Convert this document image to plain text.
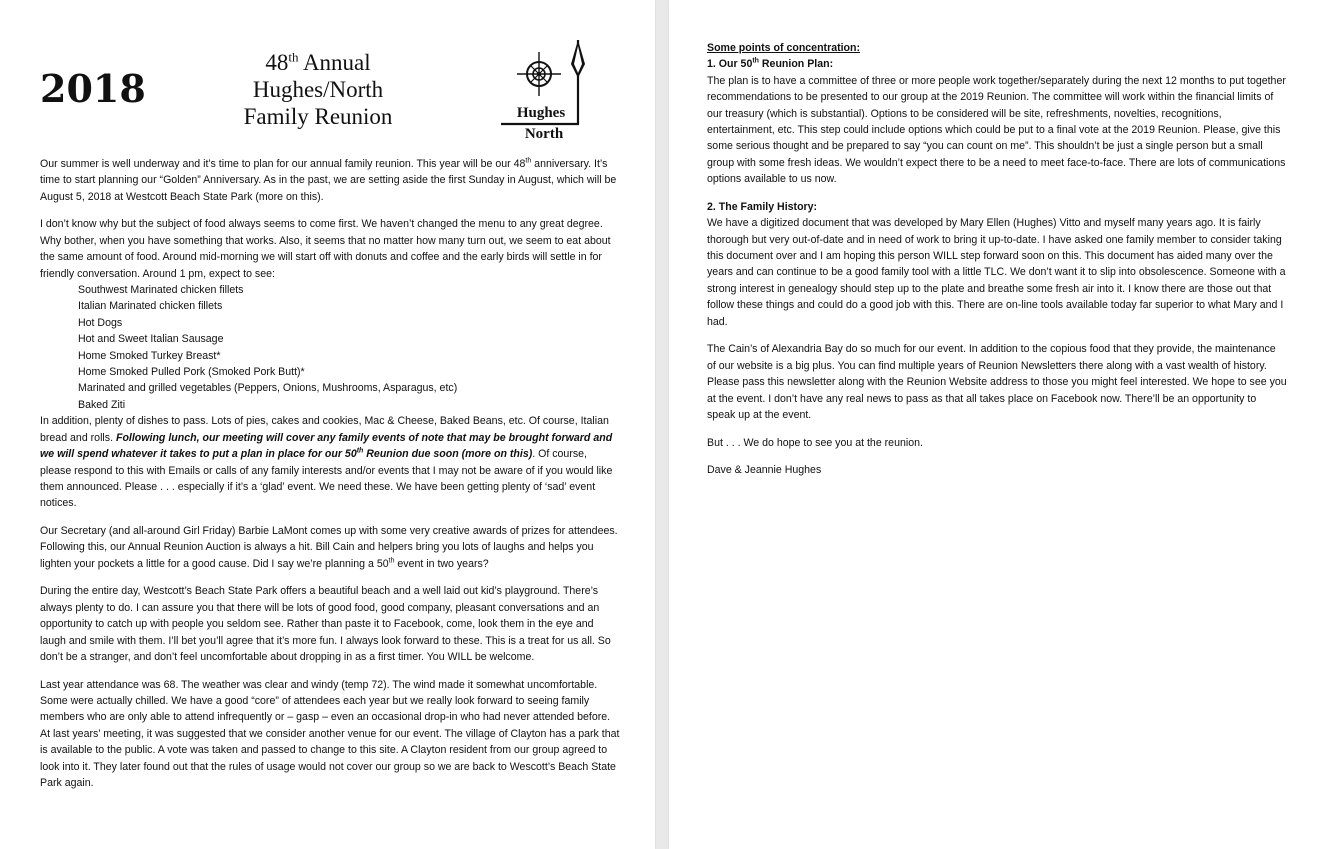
2018
48th Annual
Hughes/North
Family Reunion	Hughes
North

Our summer is well underway and it’s time to plan for our annual family reunion. This year will be our 48th anniversary. It’s time to start planning our “Golden” Anniversary. As in the past, we are setting aside the first Sunday in August, which will be August 5, 2018 at Westcott Beach State Park (more on this).

I don’t know why but the subject of food always seems to come first. We haven’t changed the menu to any great degree. Why bother, when you have something that works. Also, it seems that no matter how many turn out, we seem to eat about the same amount of food. Around mid-morning we will start off with donuts and coffee and the early birds will settle in for friendly conversation. Around 1 pm, expect to see:

Southwest Marinated chicken fillets
Italian Marinated chicken fillets
Hot Dogs
Hot and Sweet Italian Sausage
Home Smoked Turkey Breast*
Home Smoked Pulled Pork (Smoked Pork Butt)*
Marinated and grilled vegetables (Peppers, Onions, Mushrooms, Asparagus, etc)
Baked Ziti

In addition, plenty of dishes to pass. Lots of pies, cakes and cookies, Mac & Cheese, Baked Beans, etc. Of course, Italian bread and rolls. Following lunch, our meeting will cover any family events of note that may be brought forward and we will spend whatever it takes to put a plan in place for our 50th Reunion due soon (more on this). Of course, please respond to this with Emails or calls of any family interests and/or events that I may not be aware of if you would like them announced. Please . . . especially if it’s a ‘glad’ event. We need these. We have been getting plenty of ‘sad’ event notices.

Our Secretary (and all-around Girl Friday) Barbie LaMont comes up with some very creative awards of prizes for attendees. Following this, our Annual Reunion Auction is always a hit. Bill Cain and helpers bring you lots of laughs and helps you lighten your pockets a little for a good cause. Did I say we’re planning a 50th event in two years?

During the entire day, Westcott’s Beach State Park offers a beautiful beach and a well laid out kid’s playground. There’s always plenty to do. I can assure you that there will be lots of good food, good company, pleasant conversations and an opportunity to catch up with people you seldom see. Rather than paste it to Facebook, come, look them in the eye and laugh and smile with them. I’ll bet you’ll agree that it’s more fun. I always look forward to these. This is a treat for us all. So don’t be a stranger, and don’t feel uncomfortable about dropping in as a first timer. You WILL be welcome.

Last year attendance was 68. The weather was clear and windy (temp 72). The wind made it somewhat uncomfortable. Some were actually chilled. We have a good “core” of attendees each year but we really look forward to seeing family members who are only able to attend infrequently or – gasp – even an occasional drop-in who had never attended before. At last years’ meeting, it was suggested that we consider another venue for our event. The village of Clayton has a park that is available to the public. A vote was taken and passed to change to this site. A Clayton resident from our group agreed to look into it. They later found out that the rules of usage would not cover our group so we are back to Wescott’s Beach State Park again.

Some points of concentration:
1. Our 50th Reunion Plan:

The plan is to have a committee of three or more people work together/separately during the next 12 months to put together recommendations to be presented to our group at the 2019 Reunion. The committee will work within the financial limits of our treasury (which is substantial). Options to be considered will be site, refreshments, novelties, recognitions, entertainment, etc. This step could include options which could be put to a final vote at the 2019 Reunion. Please, give this some serious thought and be prepared to say “you can count on me”. This shouldn’t be just a single person but a small group with some fresh ideas. We wouldn’t expect there to be a need to meet face-to-face. There are lots of communications options available to us now.

2. The Family History:

We have a digitized document that was developed by Mary Ellen (Hughes) Vitto and myself many years ago. It is fairly thorough but very out-of-date and in need of work to bring it up-to-date. I have asked one family member to consider taking this document over and I am hoping this person WILL step forward soon on this. This document has aided many over the years and can continue to be a good family tool with a little TLC. We don’t want it to slip into obsolescence. Someone with a strong interest in genealogy should step up to the plate and breathe some fresh air into it. I know there are those out that follow these things and could do a good job with this. There are on-line tools available today far superior to what Mary and I had.

The Cain’s of Alexandria Bay do so much for our event. In addition to the copious food that they provide, the maintenance of our website is a big plus. You can find multiple years of Reunion Newsletters there along with a vast wealth of history. Please pass this newsletter along with the Reunion Website address to those you might feel interested. We hope to see you at the event. I don’t have any real news to pass as that all takes place on Facebook now. There’ll be an opportunity to speak up at the event.

But . . . We do hope to see you at the reunion.

Dave & Jeannie Hughes
